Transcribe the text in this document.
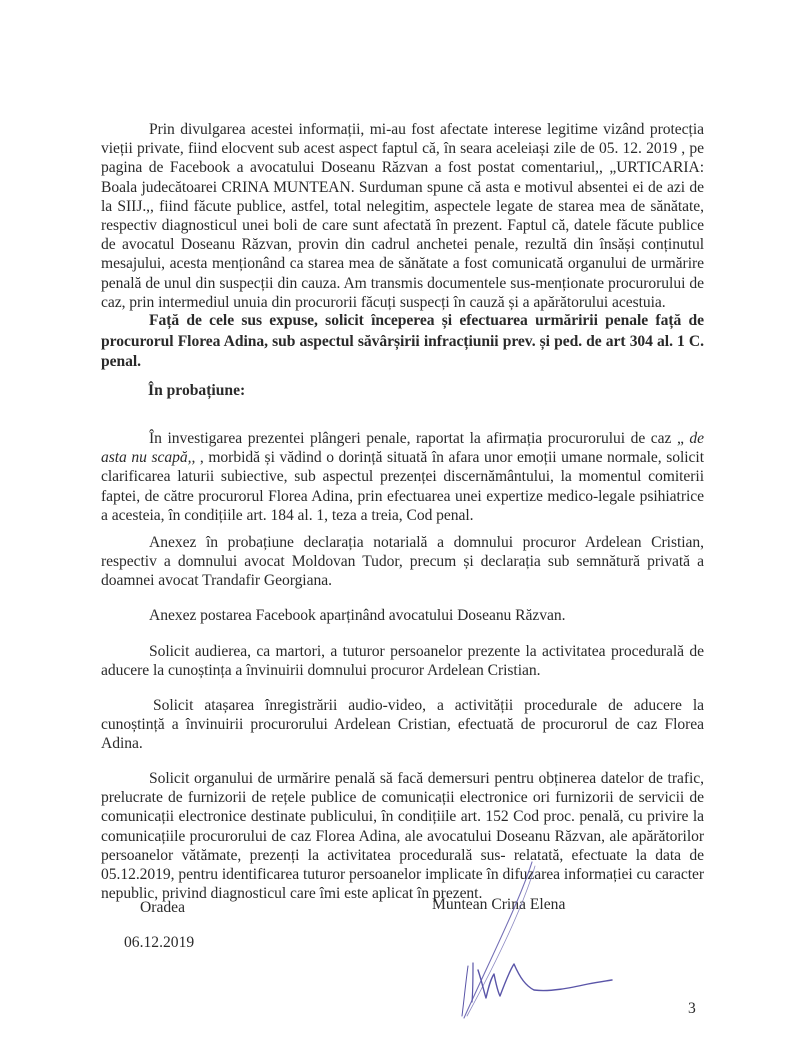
Prin divulgarea acestei informații, mi-au fost afectate interese legitime vizând protecția vieții private, fiind elocvent sub acest aspect faptul că, în seara aceleiași zile de 05. 12. 2019 , pe pagina de Facebook a avocatului Doseanu Răzvan a fost postat comentariul,, „URTICARIA: Boala judecătoarei CRINA MUNTEAN. Surduman spune că asta e motivul absentei ei de azi de la SIIJ.,, fiind făcute publice, astfel, total nelegitim, aspectele legate de starea mea de sănătate, respectiv diagnosticul unei boli de care sunt afectată în prezent. Faptul că, datele făcute publice de avocatul Doseanu Răzvan, provin din cadrul anchetei penale, rezultă din însăși conținutul mesajului, acesta menționând ca starea mea de sănătate a fost comunicată organului de urmărire penală de unul din suspecții din cauza. Am transmis documentele sus-menționate procurorului de caz, prin intermediul unuia din procurorii făcuți suspecți în cauză și a apărătorului acestuia.

Față de cele sus expuse, solicit începerea și efectuarea urmăririi penale față de procurorul Florea Adina, sub aspectul săvârșirii infracțiunii prev. și ped. de art 304 al. 1 C. penal.

În probațiune:

În investigarea prezentei plângeri penale, raportat la afirmația procurorului de caz „ de asta nu scapă,, , morbidă și vădind o dorință situată în afara unor emoții umane normale, solicit clarificarea laturii subiective, sub aspectul prezenței discernământului, la momentul comiterii faptei, de către procurorul Florea Adina, prin efectuarea unei expertize medico-legale psihiatrice a acesteia, în condițiile art. 184 al. 1, teza a treia, Cod penal.

Anexez în probațiune declarația notarială a domnului procuror Ardelean Cristian, respectiv a domnului avocat Moldovan Tudor, precum și declarația sub semnătură privată a doamnei avocat Trandafir Georgiana.

Anexez postarea Facebook aparținând avocatului Doseanu Răzvan.

Solicit audierea, ca martori, a tuturor persoanelor prezente la activitatea procedurală de aducere la cunoștința a învinuirii domnului procuror Ardelean Cristian.

Solicit atașarea înregistrării audio-video, a activității procedurale de aducere la cunoștință a învinuirii procurorului Ardelean Cristian, efectuată de procurorul de caz Florea Adina.

Solicit organului de urmărire penală să facă demersuri pentru obținerea datelor de trafic, prelucrate de furnizorii de rețele publice de comunicații electronice ori furnizorii de servicii de comunicații electronice destinate publicului, în condițiile art. 152 Cod proc. penală, cu privire la comunicațiile procurorului de caz Florea Adina, ale avocatului Doseanu Răzvan, ale apărătorilor persoanelor vătămate, prezenți la activitatea procedurală sus- relatată, efectuate la data de 05.12.2019, pentru identificarea tuturor persoanelor implicate în difuzarea informației cu caracter nepublic, privind diagnosticul care îmi este aplicat în prezent.

Oradea
06.12.2019
Muntean Crina Elena
3
